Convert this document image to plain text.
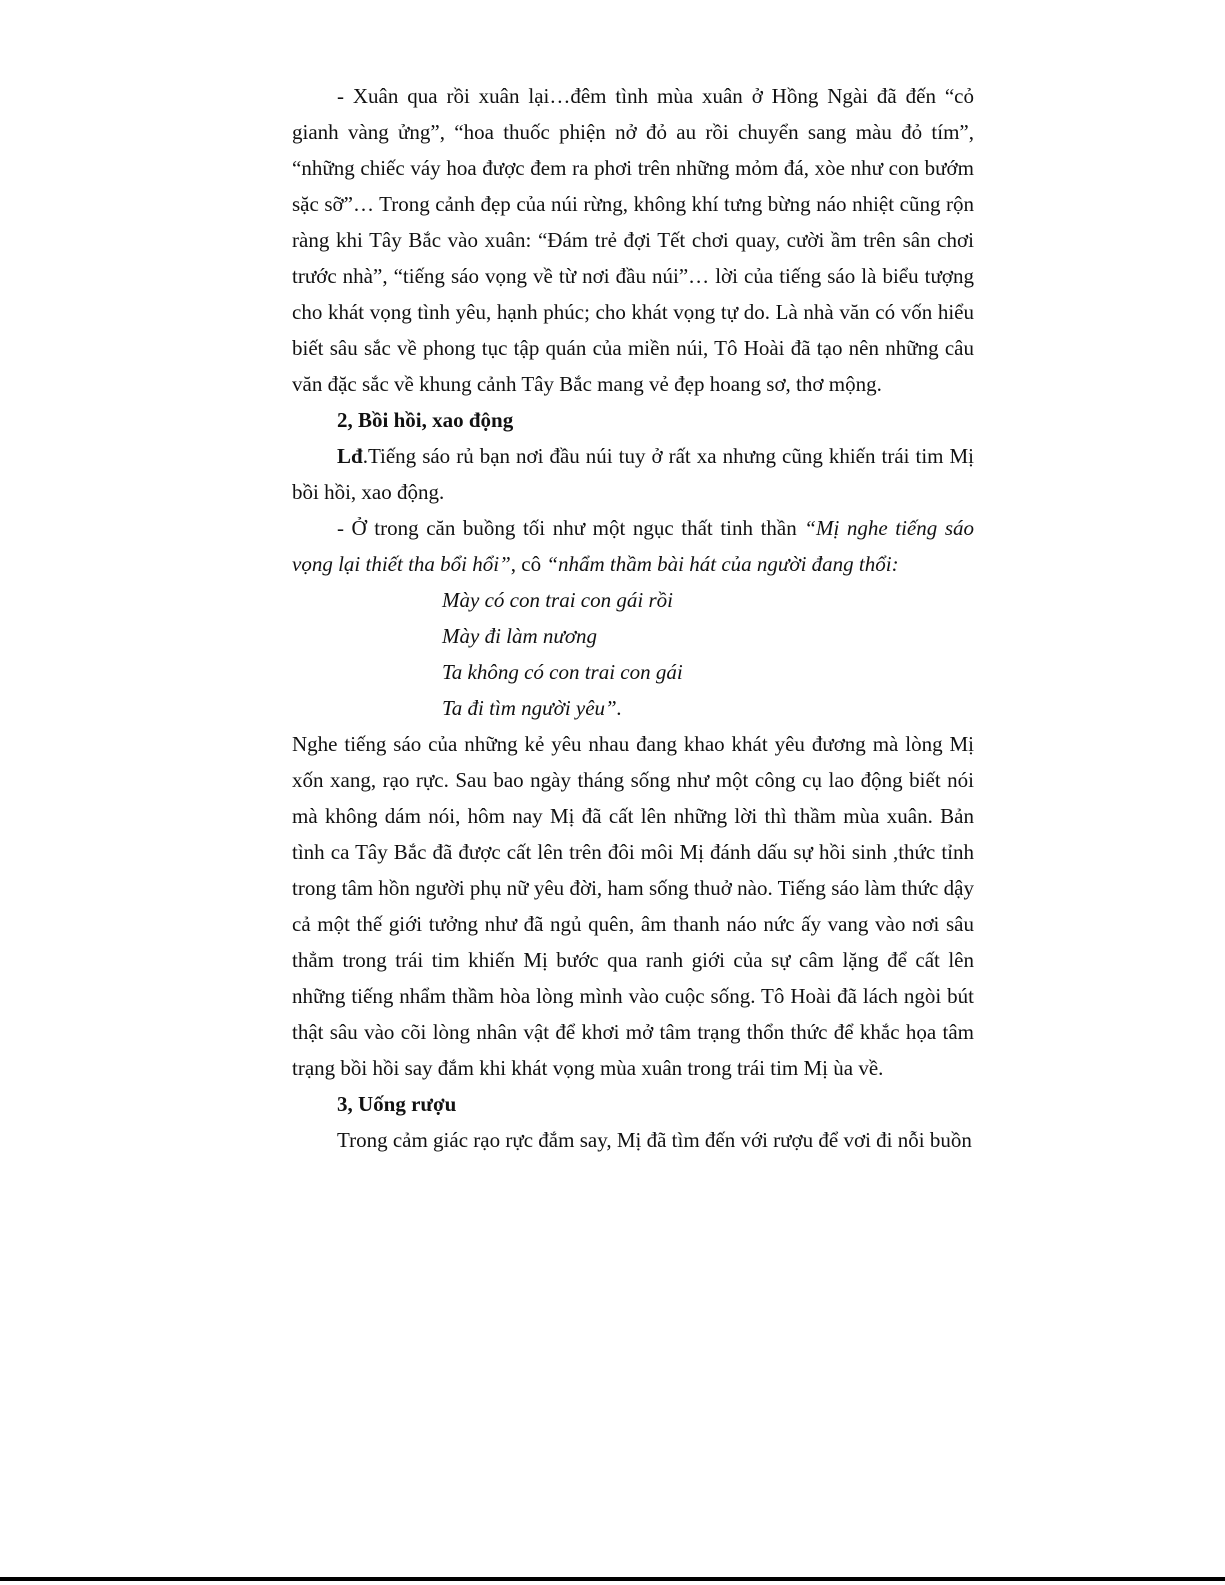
- Xuân qua rồi xuân lại…đêm tình mùa xuân ở Hồng Ngài đã đến “cỏ gianh vàng ửng”, “hoa thuốc phiện nở đỏ au rồi chuyển sang màu đỏ tím”, “những chiếc váy hoa được đem ra phơi trên những mỏm đá, xòe như con bướm sặc sỡ”… Trong cảnh đẹp của núi rừng, không khí tưng bừng náo nhiệt cũng rộn ràng khi Tây Bắc vào xuân: “Đám trẻ đợi Tết chơi quay, cười ầm trên sân chơi trước nhà”, “tiếng sáo vọng về từ nơi đầu núi”… lời của tiếng sáo là biểu tượng cho khát vọng tình yêu, hạnh phúc; cho khát vọng tự do. Là nhà văn có vốn hiểu biết sâu sắc về phong tục tập quán của miền núi, Tô Hoài đã tạo nên những câu văn đặc sắc về khung cảnh Tây Bắc mang vẻ đẹp hoang sơ, thơ mộng.

2, Bồi hồi, xao động

Lđ.Tiếng sáo rủ bạn nơi đầu núi tuy ở rất xa nhưng cũng khiến trái tim Mị bồi hồi, xao động.

- Ở trong căn buồng tối như một ngục thất tinh thần “Mị nghe tiếng sáo vọng lại thiết tha bổi hổi”, cô “nhẩm thầm bài hát của người đang thổi:

Mày có con trai con gái rồi
Mày đi làm nương
Ta không có con trai con gái
Ta đi tìm người yêu”.

Nghe tiếng sáo của những kẻ yêu nhau đang khao khát yêu đương mà lòng Mị xốn xang, rạo rực. Sau bao ngày tháng sống như một công cụ lao động biết nói mà không dám nói, hôm nay Mị đã cất lên những lời thì thầm mùa xuân. Bản tình ca Tây Bắc đã được cất lên trên đôi môi Mị đánh dấu sự hồi sinh ,thức tỉnh trong tâm hồn người phụ nữ yêu đời, ham sống thuở nào. Tiếng sáo làm thức dậy cả một thế giới tưởng như đã ngủ quên, âm thanh náo nức ấy vang vào nơi sâu thẳm trong trái tim khiến Mị bước qua ranh giới của sự câm lặng để cất lên những tiếng nhẩm thầm hòa lòng mình vào cuộc sống. Tô Hoài đã lách ngòi bút thật sâu vào cõi lòng nhân vật để khơi mở tâm trạng thổn thức để khắc họa tâm trạng bồi hồi say đắm khi khát vọng mùa xuân trong trái tim Mị ùa về.

3, Uống rượu

Trong cảm giác rạo rực đắm say, Mị đã tìm đến với rượu để vơi đi nỗi buồn
